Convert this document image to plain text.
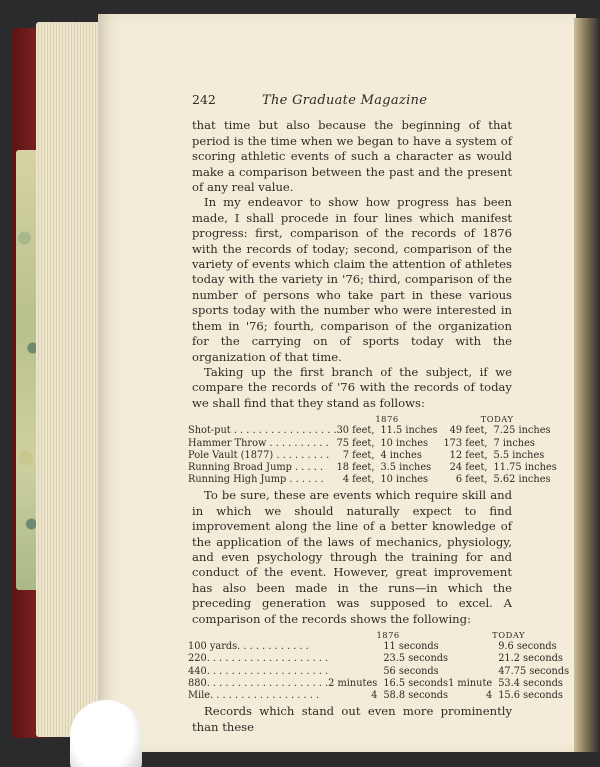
242	The Graduate Magazine

that time but also because the beginning of that period is the time when we began to have a system of scoring athletic events of such a character as would make a comparison between the past and the present of any real value.

In my endeavor to show how progress has been made, I shall procede in four lines which manifest progress: first, comparison of the records of 1876 with the records of today; second, comparison of the variety of events which claim the attention of athletes today with the variety in '76; third, comparison of the number of persons who take part in these various sports today with the number who were interested in them in '76; fourth, comparison of the organization for the carrying on of sports today with the organization of that time.

Taking up the first branch of the subject, if we compare the records of '76 with the records of today we shall find that they stand as follows:

	1876		TODAY	
Shot-put . . . . . . . . . . . . . . . . .	30 feet,	11.5 inches	49 feet,	7.25 inches
Hammer Throw . . . . . . . . . .	75 feet,	10 inches	173 feet,	7 inches
Pole Vault (1877) . . . . . . . . .	7 feet,	4 inches	12 feet,	5.5 inches
Running Broad Jump . . . . .	18 feet,	3.5 inches	24 feet,	11.75 inches
Running High Jump . . . . . .	4 feet,	10 inches	6 feet,	5.62 inches

To be sure, these are events which require skill and in which we should naturally expect to find improvement along the line of a better knowledge of the application of the laws of mechanics, physiology, and even psychology through the training for and conduct of the event. However, great improvement has also been made in the runs—in which the preceding generation was supposed to excel. A comparison of the records shows the following:

	1876		TODAY	
100 yards. . . . . . . . . . . .		11 seconds		9.6 seconds
220. . . . . . . . . . . . . . . . . . . .		23.5 seconds		21.2 seconds
440. . . . . . . . . . . . . . . . . . . .		56 seconds		47.75 seconds
880. . . . . . . . . . . . . . . . . . . .	2 minutes	16.5 seconds	1 minute	53.4 seconds
Mile. . . . . . . . . . . . . . . . . .	4	58.8 seconds	4	15.6 seconds

Records which stand out even more prominently than these
